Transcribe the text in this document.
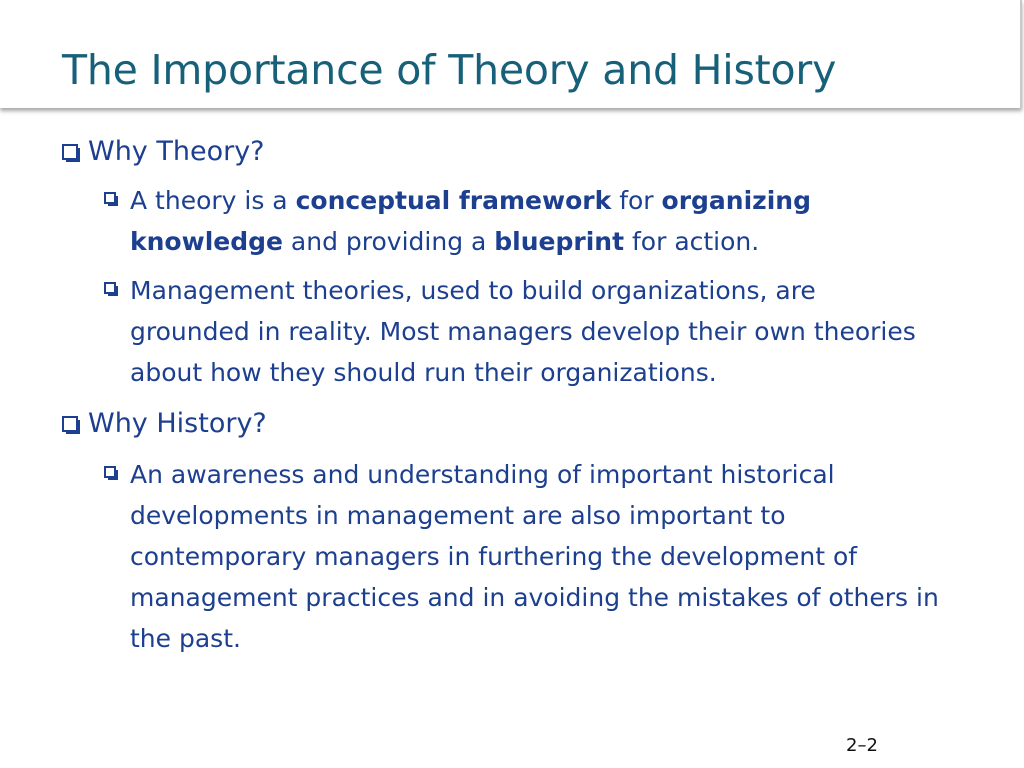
The Importance of Theory and History
Why Theory?
A theory is a conceptual framework for organizing knowledge and providing a blueprint for action.
Management theories, used to build organizations, are grounded in reality. Most managers develop their own theories about how they should run their organizations.
Why History?
An awareness and understanding of important historical developments in management are also important to contemporary managers in furthering the development of management practices and in avoiding the mistakes of others in the past.
2–2
